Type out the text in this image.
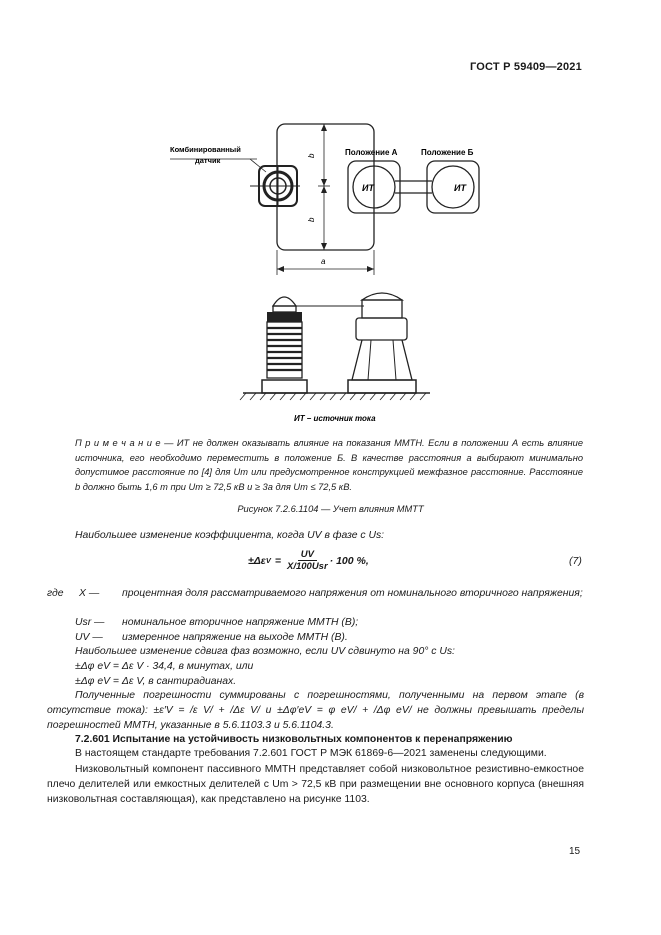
ГОСТ Р 59409—2021
b
b
a
Комбинированный
датчик
Положение А
ИТ
Положение Б
ИТ
ИТ – источник тока
П р и м е ч а н и е — ИТ не должен оказывать влияние на показания ММТН. Если в положении А есть влияние источника, его необходимо переместить в положение Б. В качестве расстояния a выбирают минимально допустимое расстояние по [4] для Um или предусмотренное конструкцией межфазное расстояние. Расстояние b должно быть 1,6 m при Um ≥ 72,5 кВ и ≥ 3a для Um ≤ 72,5 кВ.
Рисунок 7.2.6.1104 — Учет влияния ММТТ
Наибольшее изменение коэффициента, когда UV в фазе с Us:
±Δε $V = \frac{UV}{\text{X/100Usr}} \cdot 100$ %,	(7)
где X — процентная доля рассматриваемого напряжения от номинального вторичного напряжения;
Usr — номинальное вторичное напряжение ММТН (В);
UV — измеренное напряжение на выходе ММТН (В).
Наибольшее изменение сдвига фаз возможно, если UV сдвинуто на 90° с Us:
±Δφ eV = Δε V · 34,4, в минутах, или
±Δφ eV = Δε V, в сантирадианах.
Полученные погрешности суммированы с погрешностями, полученными на первом этапе (в отсутствие тока): ±ε′V = /ε V/ + /Δε V/ и ±Δφ′eV = φ eV/ + /Δφ eV/ не должны превышать пределы погрешностей ММТН, указанные в 5.6.1103.3 и 5.6.1104.3.
7.2.601 Испытание на устойчивость низковольтных компонентов к перенапряжению
В настоящем стандарте требования 7.2.601 ГОСТ Р МЭК 61869-6—2021 заменены следующими.
Низковольтный компонент пассивного ММТН представляет собой низковольтное резистивно-емкостное плечо делителей или емкостных делителей с Um > 72,5 кВ при размещении вне основного корпуса (внешняя низковольтная составляющая), как представлено на рисунке 1103.
15
